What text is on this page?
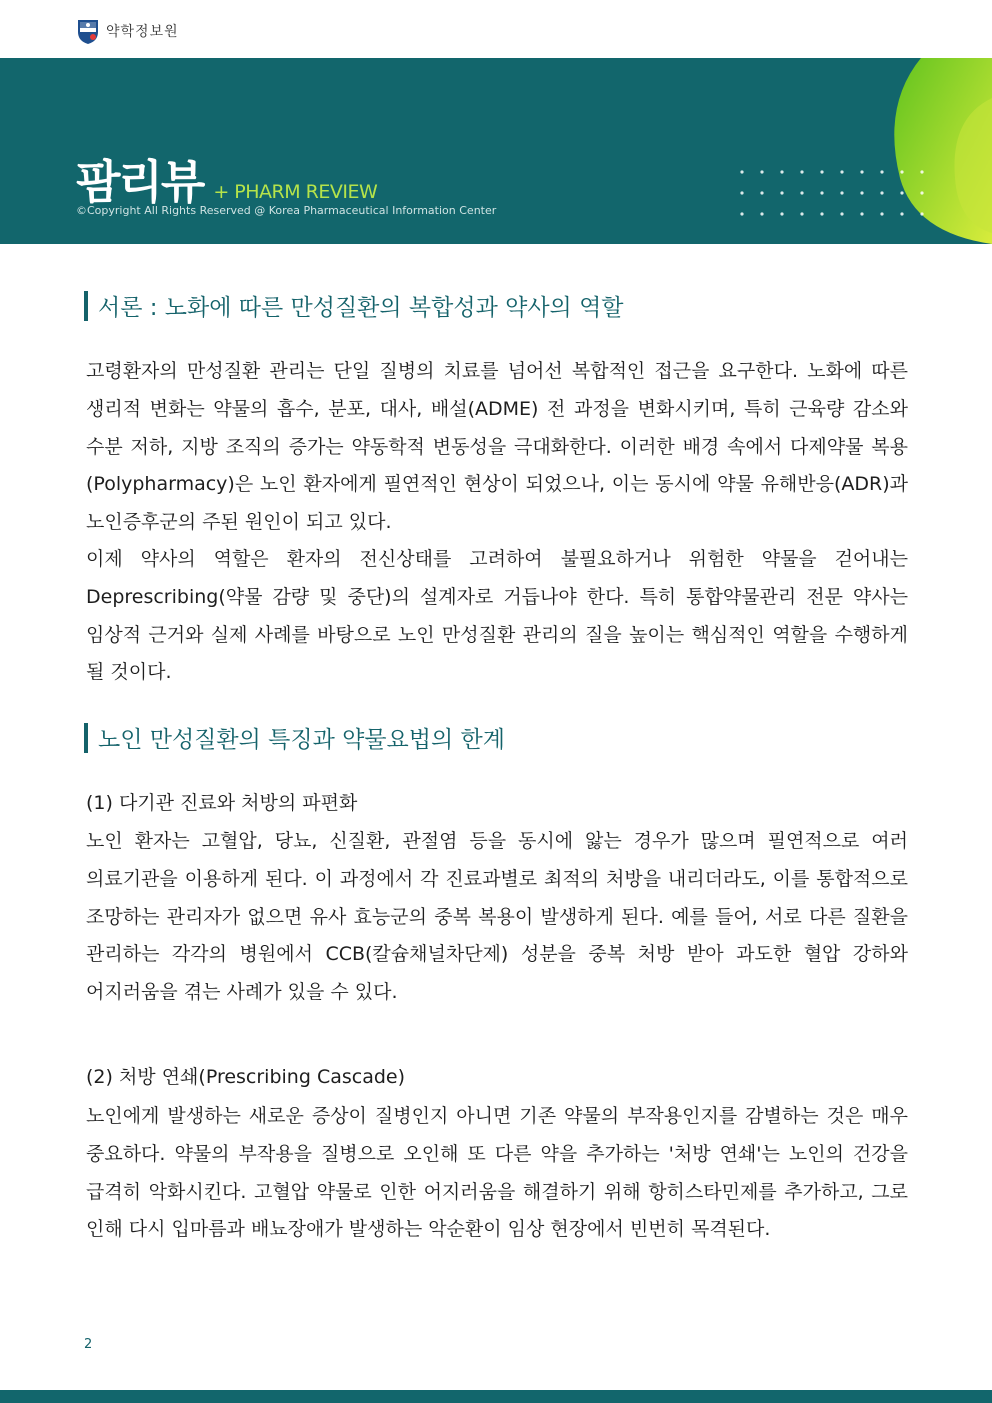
약학정보원
팜리뷰 + PHARM REVIEW
©Copyright All Rights Reserved @ Korea Pharmaceutical Information Center
서론 : 노화에 따른 만성질환의 복합성과 약사의 역할

고령환자의 만성질환 관리는 단일 질병의 치료를 넘어선 복합적인 접근을 요구한다. 노화에 따른 생리적 변화는 약물의 흡수, 분포, 대사, 배설(ADME) 전 과정을 변화시키며, 특히 근육량 감소와 수분 저하, 지방 조직의 증가는 약동학적 변동성을 극대화한다. 이러한 배경 속에서 다제약물 복용(Polypharmacy)은 노인 환자에게 필연적인 현상이 되었으나, 이는 동시에 약물 유해반응(ADR)과 노인증후군의 주된 원인이 되고 있다.

이제 약사의 역할은 환자의 전신상태를 고려하여 불필요하거나 위험한 약물을 걷어내는 Deprescribing(약물 감량 및 중단)의 설계자로 거듭나야 한다. 특히 통합약물관리 전문 약사는 임상적 근거와 실제 사례를 바탕으로 노인 만성질환 관리의 질을 높이는 핵심적인 역할을 수행하게 될 것이다.

노인 만성질환의 특징과 약물요법의 한계

(1) 다기관 진료와 처방의 파편화

노인 환자는 고혈압, 당뇨, 신질환, 관절염 등을 동시에 앓는 경우가 많으며 필연적으로 여러 의료기관을 이용하게 된다. 이 과정에서 각 진료과별로 최적의 처방을 내리더라도, 이를 통합적으로 조망하는 관리자가 없으면 유사 효능군의 중복 복용이 발생하게 된다. 예를 들어, 서로 다른 질환을 관리하는 각각의 병원에서 CCB(칼슘채널차단제) 성분을 중복 처방 받아 과도한 혈압 강하와 어지러움을 겪는 사례가 있을 수 있다.

(2) 처방 연쇄(Prescribing Cascade)

노인에게 발생하는 새로운 증상이 질병인지 아니면 기존 약물의 부작용인지를 감별하는 것은 매우 중요하다. 약물의 부작용을 질병으로 오인해 또 다른 약을 추가하는 '처방 연쇄'는 노인의 건강을 급격히 악화시킨다. 고혈압 약물로 인한 어지러움을 해결하기 위해 항히스타민제를 추가하고, 그로 인해 다시 입마름과 배뇨장애가 발생하는 악순환이 임상 현장에서 빈번히 목격된다.

2
